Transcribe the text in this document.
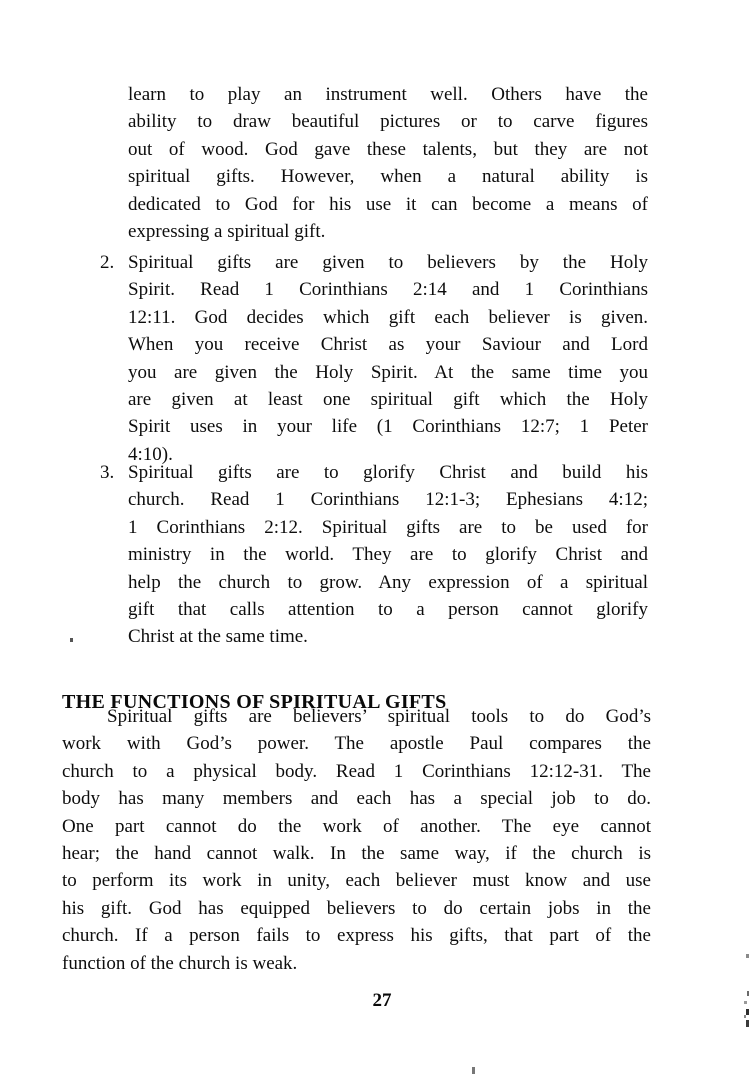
learn to play an instrument well. Others have the
ability to draw beautiful pictures or to carve figures
out of wood. God gave these talents, but they are not
spiritual gifts. However, when a natural ability is
dedicated to God for his use it can become a means of
expressing a spiritual gift.
2. Spiritual gifts are given to believers by the Holy
Spirit. Read 1 Corinthians 2:14 and 1 Corinthians
12:11. God decides which gift each believer is given.
When you receive Christ as your Saviour and Lord
you are given the Holy Spirit. At the same time you
are given at least one spiritual gift which the Holy
Spirit uses in your life (1 Corinthians 12:7; 1 Peter
4:10).
3. Spiritual gifts are to glorify Christ and build his
church. Read 1 Corinthians 12:1-3; Ephesians 4:12;
1 Corinthians 2:12. Spiritual gifts are to be used for
ministry in the world. They are to glorify Christ and
help the church to grow. Any expression of a spiritual
gift that calls attention to a person cannot glorify
Christ at the same time.
THE FUNCTIONS OF SPIRITUAL GIFTS
Spiritual gifts are believers’ spiritual tools to do God’s
work with God’s power. The apostle Paul compares the
church to a physical body. Read 1 Corinthians 12:12-31. The
body has many members and each has a special job to do.
One part cannot do the work of another. The eye cannot
hear; the hand cannot walk. In the same way, if the church is
to perform its work in unity, each believer must know and use
his gift. God has equipped believers to do certain jobs in the
church. If a person fails to express his gifts, that part of the
function of the church is weak.
27
